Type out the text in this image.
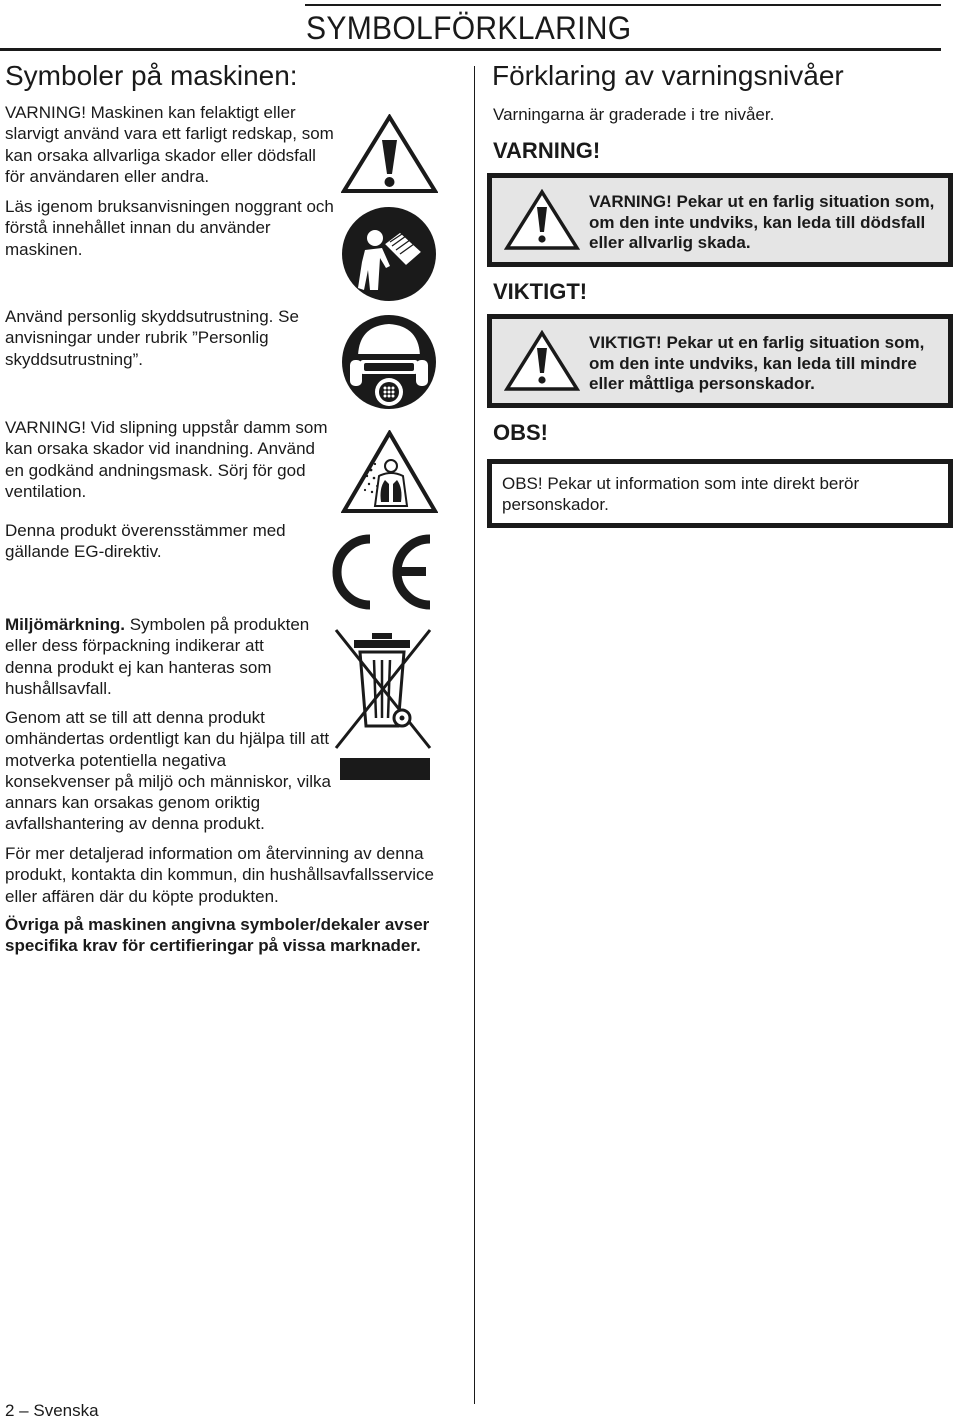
SYMBOLFÖRKLARING
Symboler på maskinen:
VARNING! Maskinen kan felaktigt eller slarvigt använd vara ett farligt redskap, som kan orsaka allvarliga skador eller dödsfall för användaren eller andra.
Läs igenom bruksanvisningen noggrant och förstå innehållet innan du använder maskinen.
Använd personlig skyddsutrustning. Se anvisningar under rubrik ”Personlig skyddsutrustning”.
VARNING! Vid slipning uppstår damm som kan orsaka skador vid inandning. Använd en godkänd andningsmask. Sörj för god ventilation.
Denna produkt överensstämmer med gällande EG-direktiv.
Miljömärkning. Symbolen på produkten eller dess förpackning indikerar att denna produkt ej kan hanteras som hushållsavfall.
Genom att se till att denna produkt omhändertas ordentligt kan du hjälpa till att motverka potentiella negativa konsekvenser på miljö och människor, vilka annars kan orsakas genom oriktig avfallshantering av denna produkt.
För mer detaljerad information om återvinning av denna produkt, kontakta din kommun, din hushållsavfallsservice eller affären där du köpte produkten.
Övriga på maskinen angivna symboler/dekaler avser specifika krav för certifieringar på vissa marknader.
Förklaring av varningsnivåer
Varningarna är graderade i tre nivåer.
VARNING!
VARNING! Pekar ut en farlig situation som, om den inte undviks, kan leda till dödsfall eller allvarlig skada.
VIKTIGT!
VIKTIGT! Pekar ut en farlig situation som, om den inte undviks, kan leda till mindre eller måttliga personskador.
OBS!
OBS! Pekar ut information som inte direkt berör personskador.
2 – Svenska
